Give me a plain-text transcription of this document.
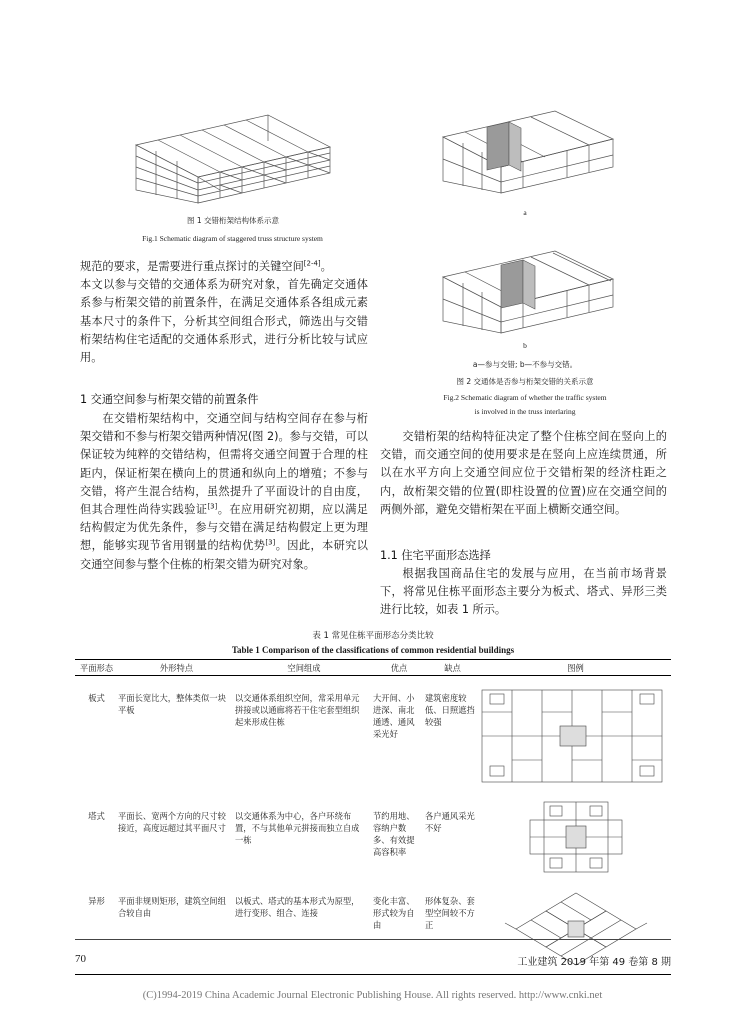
图 1 交错桁架结构体系示意
Fig.1 Schematic diagram of staggered truss structure system
a
b
a—参与交错; b—不参与交错。
图 2 交通体是否参与桁架交错的关系示意
Fig.2 Schematic diagram of whether the traffic system
is involved in the truss interlaring

规范的要求，是需要进行重点探讨的关键空间[2-4]。

本文以参与交错的交通体系为研究对象，首先确定交通体系参与桁架交错的前置条件，在满足交通体系各组成元素基本尺寸的条件下，分析其空间组合形式，筛选出与交错桁架结构住宅适配的交通体系形式，进行分析比较与试应用。

1 交通空间参与桁架交错的前置条件

在交错桁架结构中，交通空间与结构空间存在参与桁架交错和不参与桁架交错两种情况(图 2)。参与交错，可以保证较为纯粹的交错结构，但需将交通空间置于合理的柱距内，保证桁架在横向上的贯通和纵向上的增殖；不参与交错，将产生混合结构，虽然提升了平面设计的自由度，但其合理性尚待实践验证[3]。在应用研究初期，应以满足结构假定为优先条件，参与交错在满足结构假定上更为理想，能够实现节省用钢量的结构优势[3]。因此，本研究以交通空间参与整个住栋的桁架交错为研究对象。

交错桁架的结构特征决定了整个住栋空间在竖向上的交错，而交通空间的使用要求是在竖向上应连续贯通，所以在水平方向上交通空间应位于交错桁架的经济柱距之内，故桁架交错的位置(即柱设置的位置)应在交通空间的两侧外部，避免交错桁架在平面上横断交通空间。

1.1 住宅平面形态选择

根据我国商品住宅的发展与应用，在当前市场背景下，将常见住栋平面形态主要分为板式、塔式、异形三类进行比较，如表 1 所示。

表 1 常见住栋平面形态分类比较
Table 1 Comparison of the classifications of common residential buildings
平面形态	外形特点	空间组成	优点	缺点	图例
板式	平面长宽比大，整体类似一块平板	以交通体系组织空间，常采用单元拼接或以通廊将若干住宅套型组织起来形成住栋	大开间、小进深、南北通透、通风采光好	建筑密度较低、日照遮挡较强	
塔式	平面长、宽两个方向的尺寸较接近，高度远超过其平面尺寸	以交通体系为中心，各户环绕布置，不与其他单元拼接而独立自成一栋	节约用地、容纳户数多、有效提高容积率	各户通风采光不好	
异形	平面非规则矩形，建筑空间组合较自由	以板式、塔式的基本形式为原型，进行变形、组合、连接	变化丰富、形式较为自由	形体复杂、套型空间较不方正	
70	工业建筑 2019 年第 49 卷第 8 期
(C)1994-2019 China Academic Journal Electronic Publishing House. All rights reserved. http://www.cnki.net
